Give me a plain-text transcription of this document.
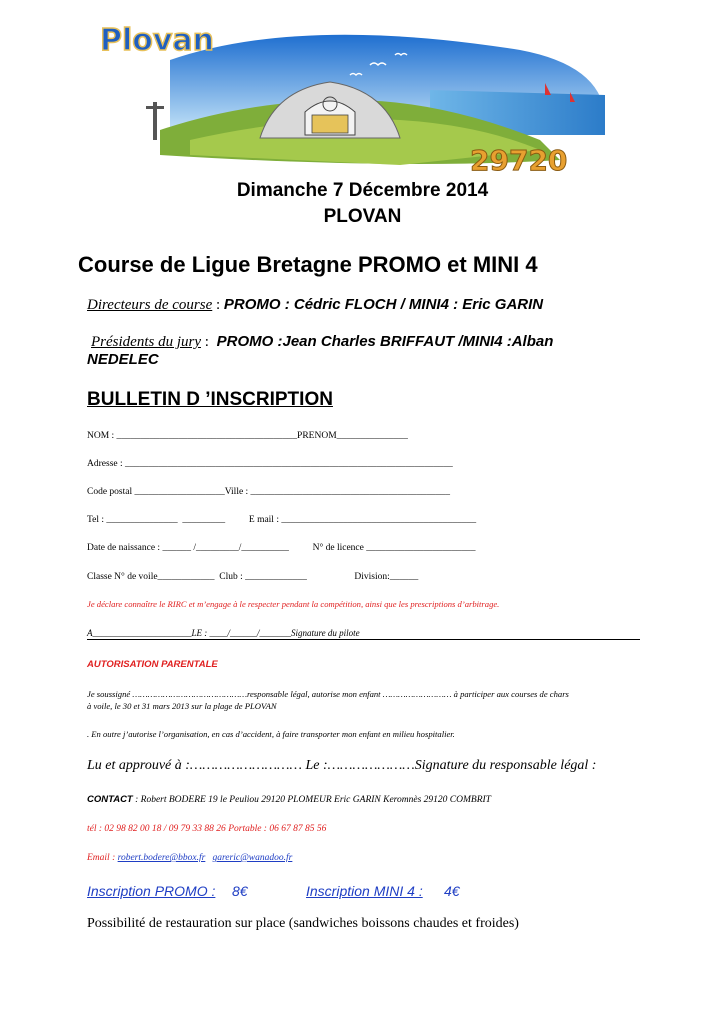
Plovan
29720
Dimanche 7 Décembre 2014
PLOVAN
Course de Ligue Bretagne PROMO et MINI 4
Directeurs de course : PROMO : Cédric FLOCH / MINI4 : Eric GARIN
Présidents du jury : PROMO :Jean Charles BRIFFAUT /MINI4 :Alban
NEDELEC
BULLETIN D ’INSCRIPTION
NOM : ______________________________________PRENOM_______________
Adresse : _____________________________________________________________________
Code postal ___________________Ville : __________________________________________
Tel : _______________  _________          E mail : _________________________________________
Date de naissance : ______ /_________/__________          N° de licence _______________________
Classe N° de voile____________  Club : _____________                    Division:______
Je déclare connaître le RIRC et m’engage à le respecter pendant la compétition, ainsi que les prescriptions d’arbitrage.
A______________________LE : ____/______/_______Signature du pilote
AUTORISATION PARENTALE
Je soussigné ………………………………………responsable légal, autorise mon enfant ……………………… à participer aux courses de chars
à voile, le 30 et 31 mars 2013 sur la plage de PLOVAN
. En outre j’autorise l’organisation, en cas d’accident, à faire transporter mon enfant en milieu hospitalier.
Lu et approuvé à :……………………… Le :…………………Signature du responsable légal :
CONTACT : Robert BODERE 19 le Peuliou 29120 PLOMEUR Eric GARIN Keromnès 29120 COMBRIT
tél : 02 98 82 00 18 / 09 79 33 88 26 Portable : 06 67 87 85 56
Email : robert.bodere@bbox.fr gareric@wanadoo.fr
Inscription PROMO : 8€	Inscription MINI 4 : 4€
Possibilité de restauration sur place (sandwiches boissons chaudes et froides)
